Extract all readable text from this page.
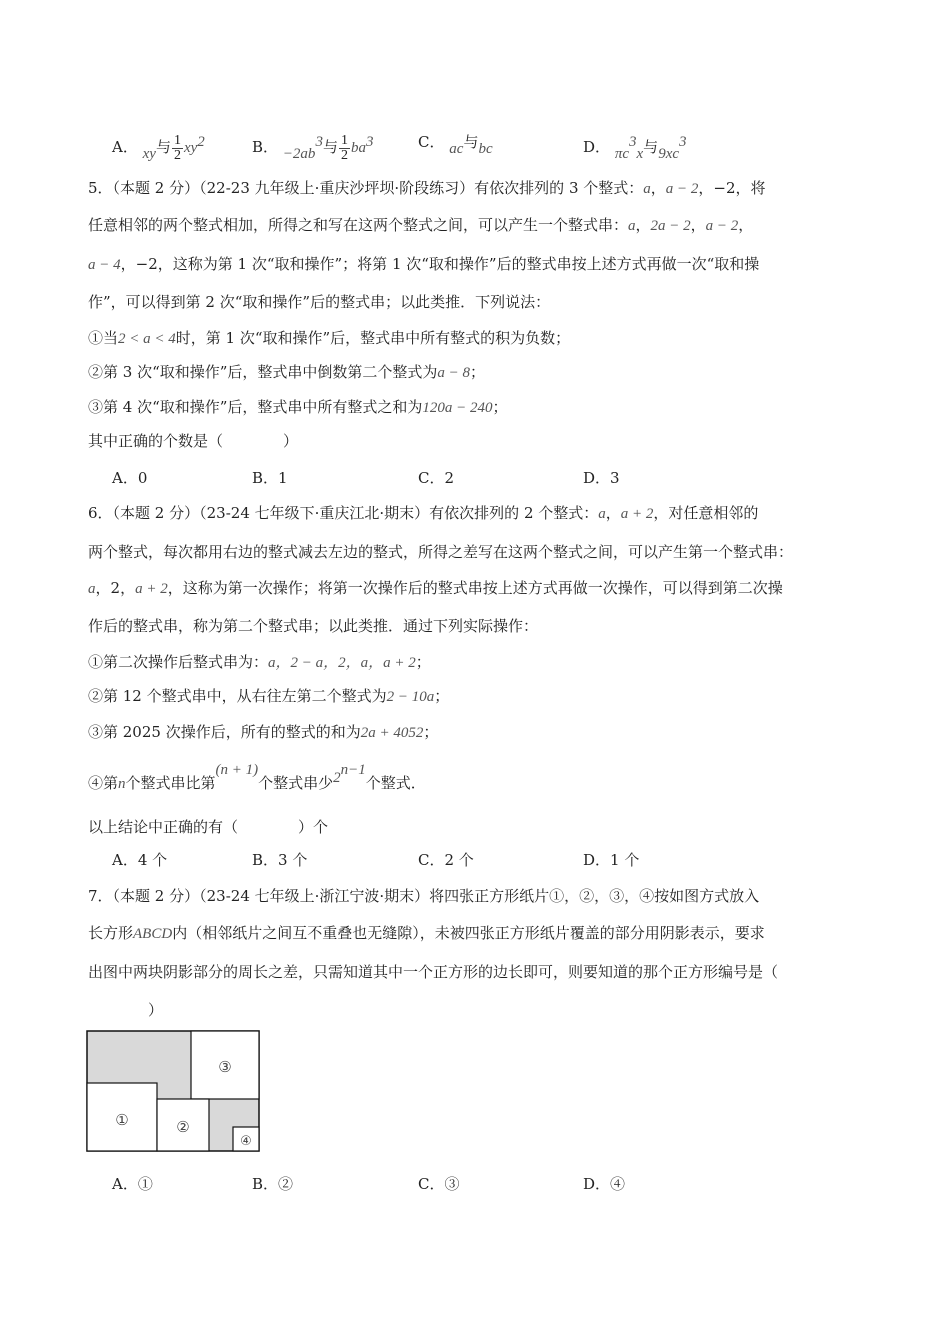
A． xy与 $\frac{1}{2} xy^2$	B． $-2ab^3$与 $\frac{1}{2} ba^3$	C． ac与bc	D． $\pi c^3x$与$9xc^3$
5．（本题 2 分）（22-23 九年级上·重庆沙坪坝·阶段练习）有依次排列的 3 个整式：a，a − 2，−2，将
任意相邻的两个整式相加，所得之和写在这两个整式之间，可以产生一个整式串：a，2a − 2，a − 2，
a − 4，−2，这称为第 1 次“取和操作”；将第 1 次“取和操作”后的整式串按上述方式再做一次“取和操
作”，可以得到第 2 次“取和操作”后的整式串；以此类推．下列说法：
①当2 < a < 4时，第 1 次“取和操作”后，整式串中所有整式的积为负数；
②第 3 次“取和操作”后，整式串中倒数第二个整式为a − 8；
③第 4 次“取和操作”后，整式串中所有整式之和为120a − 240；
其中正确的个数是（　　　　）
A．0	B．1	C．2	D．3
6．（本题 2 分）（23-24 七年级下·重庆江北·期末）有依次排列的 2 个整式：a，a + 2，对任意相邻的
两个整式，每次都用右边的整式减去左边的整式，所得之差写在这两个整式之间，可以产生第一个整式串：
a，2，a + 2，这称为第一次操作；将第一次操作后的整式串按上述方式再做一次操作，可以得到第二次操
作后的整式串，称为第二个整式串；以此类推．通过下列实际操作：
①第二次操作后整式串为：a，2 − a，2，a，a + 2；
②第 12 个整式串中，从右往左第二个整式为2 − 10a；
③第 2025 次操作后，所有的整式的和为2a + 4052；
④第n个整式串比第(n + 1)个整式串少$2^{n-1}$个整式．
以上结论中正确的有（　　　　）个
A．4 个	B．3 个	C．2 个	D．1 个
7．（本题 2 分）（23-24 七年级上·浙江宁波·期末）将四张正方形纸片①，②，③，④按如图方式放入
长方形ABCD内（相邻纸片之间互不重叠也无缝隙），未被四张正方形纸片覆盖的部分用阴影表示，要求
出图中两块阴影部分的周长之差，只需知道其中一个正方形的边长即可，则要知道的那个正方形编号是（
　　　　）
③
①	②
④
A．①	B．②	C．③	D．④
